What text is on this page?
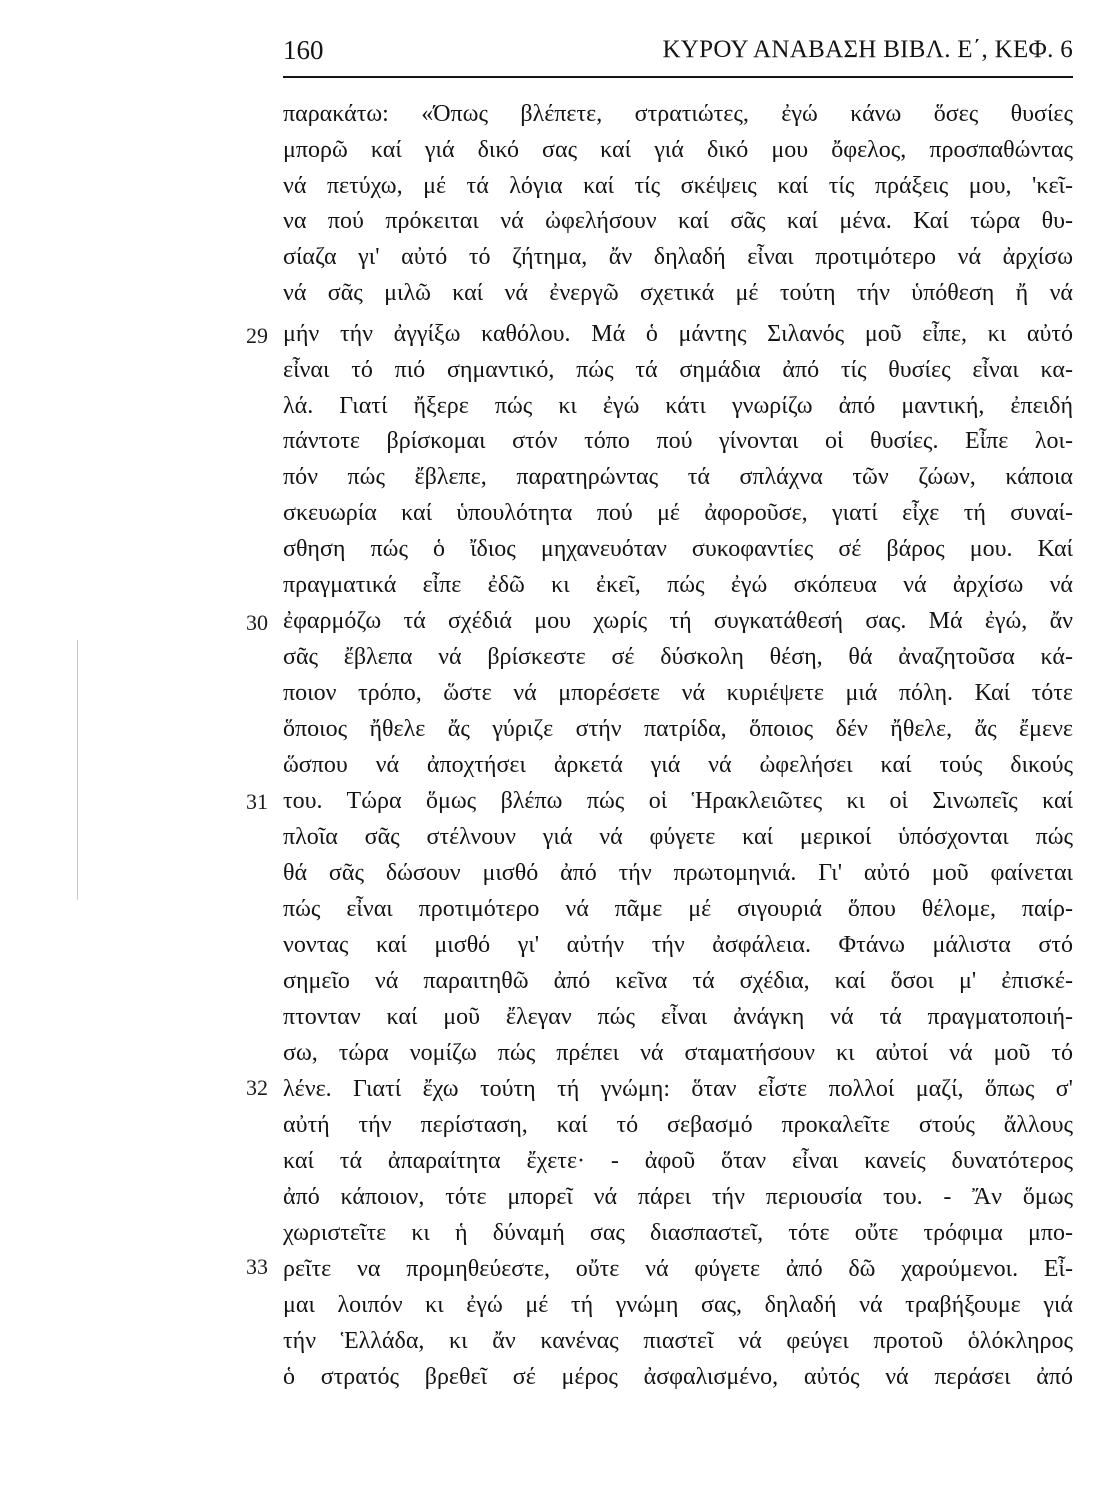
160	ΚΥΡΟΥ ΑΝΑΒΑΣΗ ΒΙΒΛ. Ε΄, ΚΕΦ. 6
29
30
31
32
33
παρακάτω: «Όπως βλέπετε, στρατιώτες, ἐγώ κάνω ὅσες θυσίες
μπορῶ καί γιά δικό σας καί γιά δικό μου ὄφελος, προσπαθώντας
νά πετύχω, μέ τά λόγια καί τίς σκέψεις καί τίς πράξεις μου, 'κεῖ-
να πού πρόκειται νά ὠφελήσουν καί σᾶς καί μένα. Καί τώρα θυ-
σίαζα γι' αὐτό τό ζήτημα, ἄν δηλαδή εἶναι προτιμότερο νά ἀρχίσω
νά σᾶς μιλῶ καί νά ἐνεργῶ σχετικά μέ τούτη τήν ὑπόθεση ἤ νά
μήν τήν ἀγγίξω καθόλου. Μά ὁ μάντης Σιλανός μοῦ εἶπε, κι αὐτό
εἶναι τό πιό σημαντικό, πώς τά σημάδια ἀπό τίς θυσίες εἶναι κα-
λά. Γιατί ἤξερε πώς κι ἐγώ κάτι γνωρίζω ἀπό μαντική, ἐπειδή
πάντοτε βρίσκομαι στόν τόπο πού γίνονται οἱ θυσίες. Εἶπε λοι-
πόν πώς ἔβλεπε, παρατηρώντας τά σπλάχνα τῶν ζώων, κάποια
σκευωρία καί ὑπουλότητα πού μέ ἀφοροῦσε, γιατί εἶχε τή συναί-
σθηση πώς ὁ ἴδιος μηχανευόταν συκοφαντίες σέ βάρος μου. Καί
πραγματικά εἶπε ἐδῶ κι ἐκεῖ, πώς ἐγώ σκόπευα νά ἀρχίσω νά
ἐφαρμόζω τά σχέδιά μου χωρίς τή συγκατάθεσή σας. Μά ἐγώ, ἄν
σᾶς ἔβλεπα νά βρίσκεστε σέ δύσκολη θέση, θά ἀναζητοῦσα κά-
ποιον τρόπο, ὥστε νά μπορέσετε νά κυριέψετε μιά πόλη. Καί τότε
ὅποιος ἤθελε ἄς γύριζε στήν πατρίδα, ὅποιος δέν ἤθελε, ἄς ἔμενε
ὥσπου νά ἀποχτήσει ἀρκετά γιά νά ὠφελήσει καί τούς δικούς
του. Τώρα ὅμως βλέπω πώς οἱ Ἡρακλειῶτες κι οἱ Σινωπεῖς καί
πλοῖα σᾶς στέλνουν γιά νά φύγετε καί μερικοί ὑπόσχονται πώς
θά σᾶς δώσουν μισθό ἀπό τήν πρωτομηνιά. Γι' αὐτό μοῦ φαίνεται
πώς εἶναι προτιμότερο νά πᾶμε μέ σιγουριά ὅπου θέλομε, παίρ-
νοντας καί μισθό γι' αὐτήν τήν ἀσφάλεια. Φτάνω μάλιστα στό
σημεῖο νά παραιτηθῶ ἀπό κεῖνα τά σχέδια, καί ὅσοι μ' ἐπισκέ-
πτονταν καί μοῦ ἔλεγαν πώς εἶναι ἀνάγκη νά τά πραγματοποιή-
σω, τώρα νομίζω πώς πρέπει νά σταματήσουν κι αὐτοί νά μοῦ τό
λένε. Γιατί ἔχω τούτη τή γνώμη: ὅταν εἶστε πολλοί μαζί, ὅπως σ'
αὐτή τήν περίσταση, καί τό σεβασμό προκαλεῖτε στούς ἄλλους
καί τά ἀπαραίτητα ἔχετε· - ἀφοῦ ὅταν εἶναι κανείς δυνατότερος
ἀπό κάποιον, τότε μπορεῖ νά πάρει τήν περιουσία του. - Ἄν ὅμως
χωριστεῖτε κι ἡ δύναμή σας διασπαστεῖ, τότε οὔτε τρόφιμα μπο-
ρεῖτε να προμηθεύεστε, οὔτε νά φύγετε ἀπό δῶ χαρούμενοι. Εἶ-
μαι λοιπόν κι ἐγώ μέ τή γνώμη σας, δηλαδή νά τραβήξουμε γιά
τήν Ἑλλάδα, κι ἄν κανένας πιαστεῖ νά φεύγει προτοῦ ὁλόκληρος
ὁ στρατός βρεθεῖ σέ μέρος ἀσφαλισμένο, αὐτός νά περάσει ἀπό
